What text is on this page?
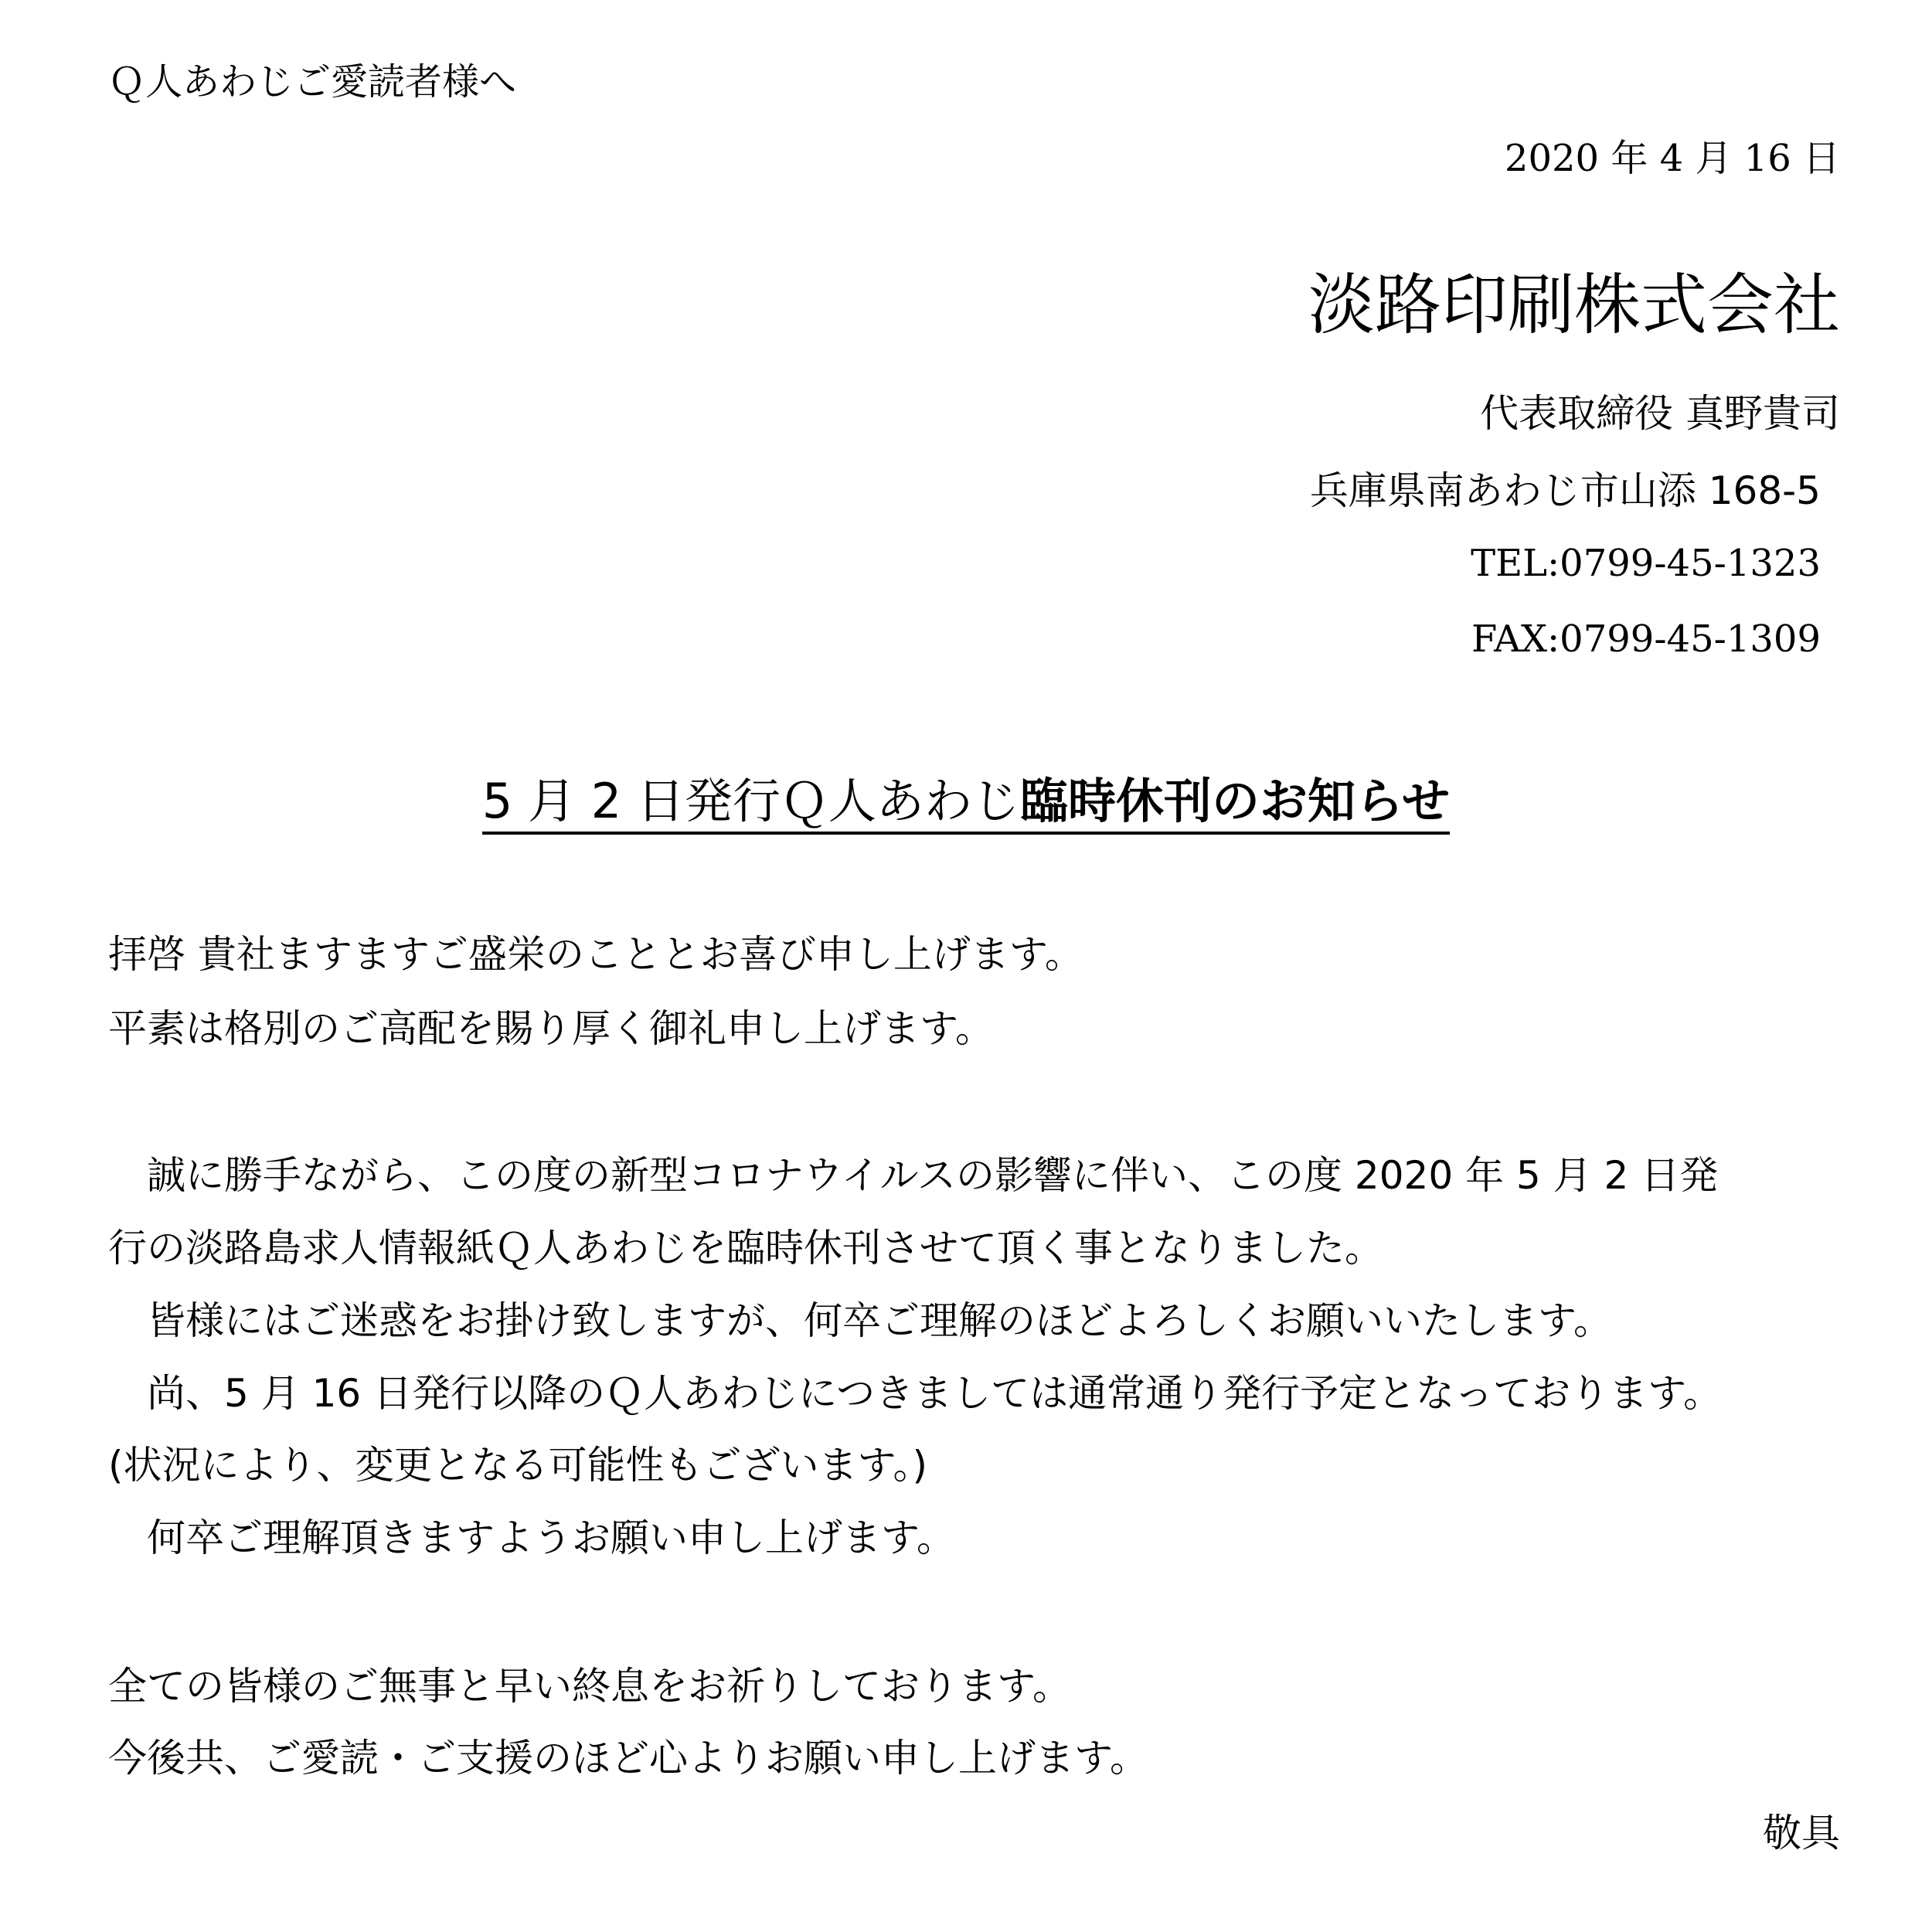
Ｑ人あわじご愛読者様へ
2020 年 4 月 16 日
淡路印刷株式会社
代表取締役 真野貴司
兵庫県南あわじ市山添 168-5
TEL:0799-45-1323
FAX:0799-45-1309
5 月 2 日発行Ｑ人あわじ臨時休刊のお知らせ
拝啓 貴社ますますご盛栄のこととお喜び申し上げます。
平素は格別のご高配を賜り厚く御礼申し上げます。
　誠に勝手ながら、この度の新型コロナウイルスの影響に伴い、この度 2020 年 5 月 2 日発
行の淡路島求人情報紙Ｑ人あわじを臨時休刊させて頂く事となりました。
　皆様にはご迷惑をお掛け致しますが、何卒ご理解のほどよろしくお願いいたします。
　尚、5 月 16 日発行以降のＱ人あわじにつきましては通常通り発行予定となっております。
(状況により、変更となる可能性もございます。)
　何卒ご理解頂きますようお願い申し上げます。
全ての皆様のご無事と早い終息をお祈りしております。
今後共、ご愛読・ご支援のほど心よりお願い申し上げます。
敬具
